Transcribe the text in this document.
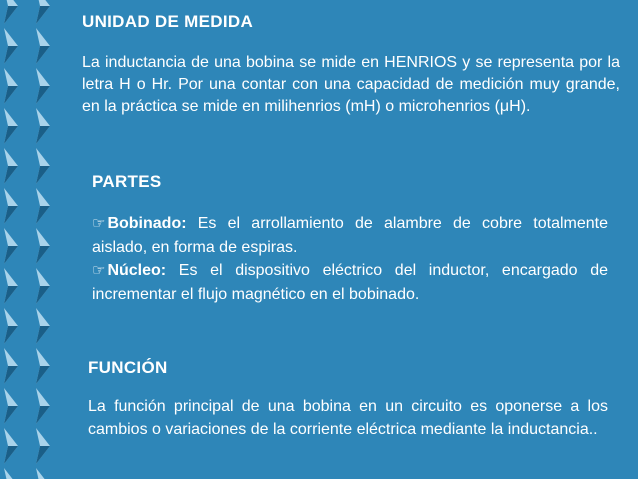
UNIDAD DE MEDIDA
La inductancia de una bobina se mide en HENRIOS y se representa por la letra H o Hr. Por una contar con una capacidad de medición muy grande, en la práctica se mide en milihenrios (mH) o microhenrios (μH).
PARTES
☞ Bobinado: Es el arrollamiento de alambre de cobre totalmente aislado, en forma de espiras.
☞ Núcleo: Es el dispositivo eléctrico del inductor, encargado de incrementar el flujo magnético en el bobinado.
FUNCIÓN
La función principal de una bobina en un circuito es oponerse a los cambios o variaciones de la corriente eléctrica mediante la inductancia..
